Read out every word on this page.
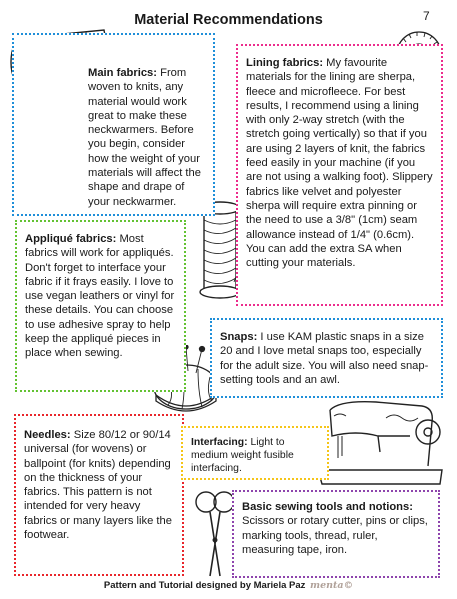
Material Recommendations	7
Main fabrics: From woven to knits, any material would work great to make these neckwarmers. Before you begin, consider how the weight of your materials will affect the shape and drape of your neckwarmer.
Lining fabrics: My favourite materials for the lining are sherpa, fleece and microfleece. For best results, I recommend using a lining with only 2-way stretch (with the stretch going vertically) so that if you are using 2 layers of knit, the fabrics feed easily in your machine (if you are not using a walking foot). Slippery fabrics like velvet and polyester sherpa will require extra pinning or the need to use a 3/8" (1cm) seam allowance instead of 1/4" (0.6cm). You can add the extra SA when cutting your materials.
Appliqué fabrics: Most fabrics will work for appliqués. Don't forget to interface your fabric if it frays easily. I love to use vegan leathers or vinyl for these details. You can choose to use adhesive spray to help keep the appliqué pieces in place when sewing.
Snaps: I use KAM plastic snaps in a size 20 and I love metal snaps too, especially for the adult size. You will also need snap-setting tools and an awl.
Needles: Size 80/12 or 90/14 universal (for wovens) or ballpoint (for knits) depending on the thickness of your fabrics. This pattern is not intended for very heavy fabrics or many layers like the footwear.
Interfacing: Light to medium weight fusible interfacing.
Basic sewing tools and notions:
Scissors or rotary cutter, pins or clips, marking tools, thread, ruler, measuring tape, iron.
Pattern and Tutorial designed by Mariela Paz menta©
